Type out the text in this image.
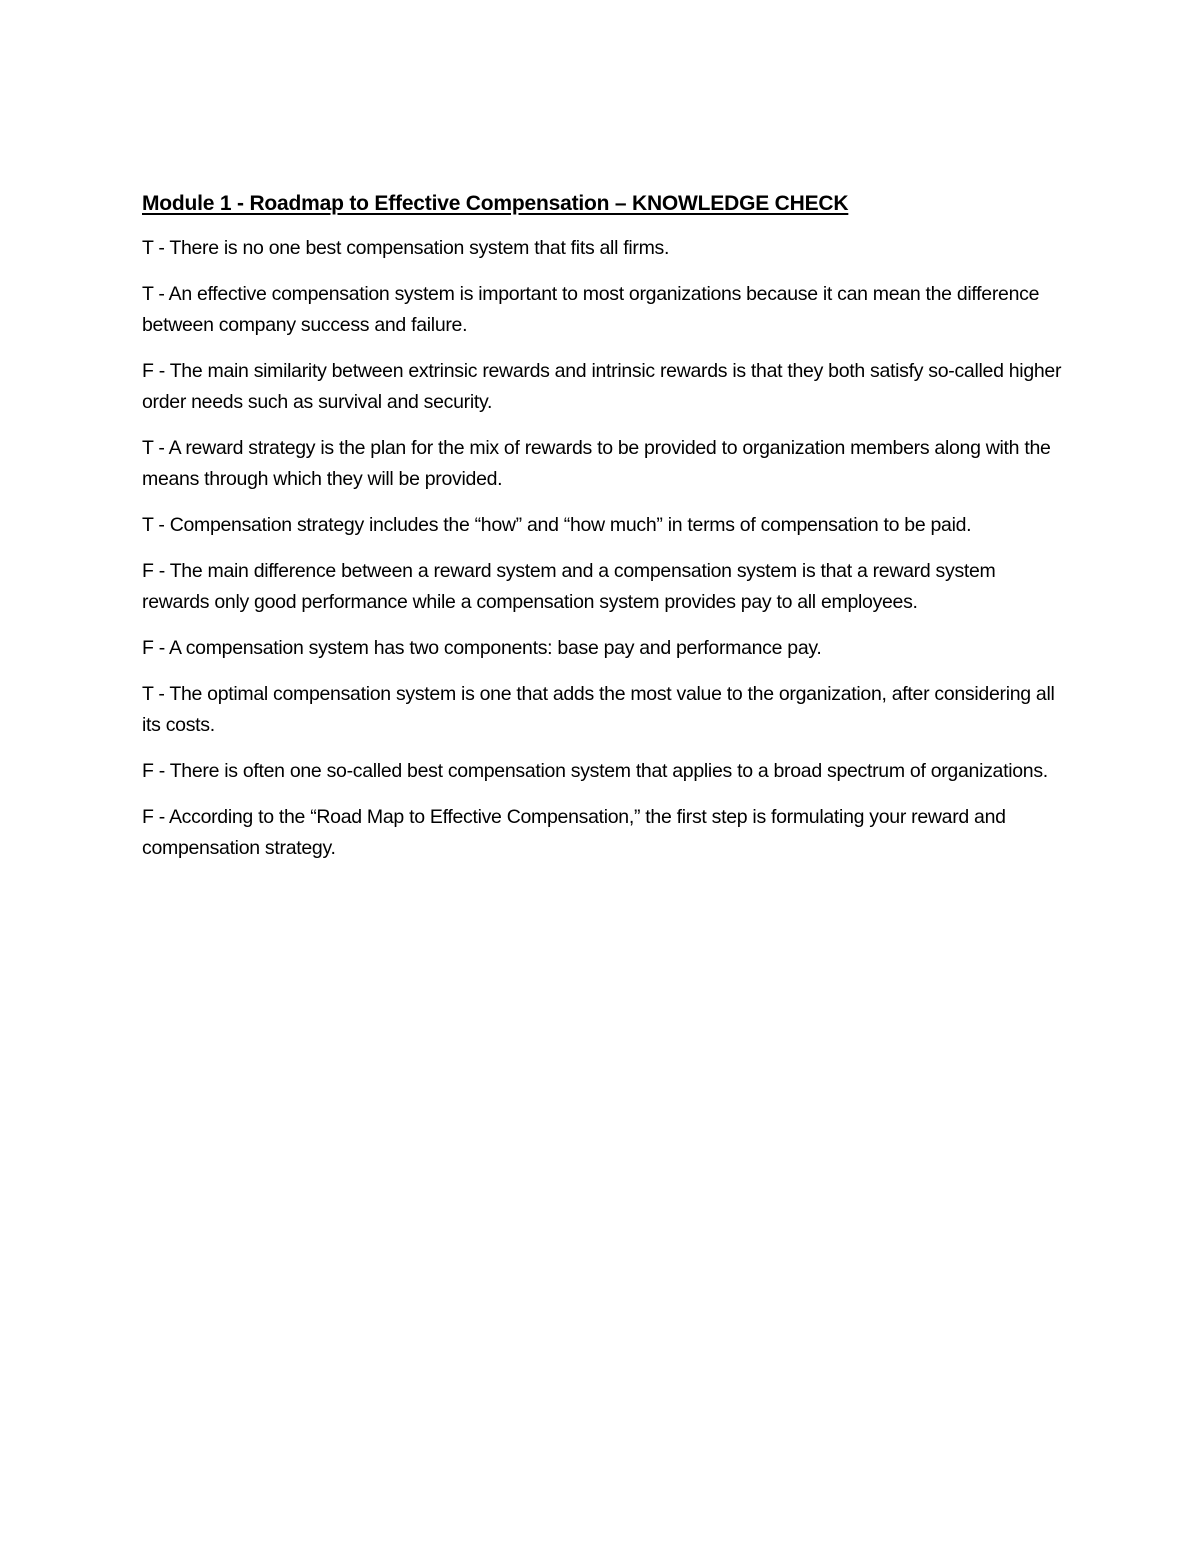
Module 1 - Roadmap to Effective Compensation – KNOWLEDGE CHECK
T - There is no one best compensation system that fits all firms.
T - An effective compensation system is important to most organizations because it can mean the difference between company success and failure.
F - The main similarity between extrinsic rewards and intrinsic rewards is that they both satisfy so-called higher order needs such as survival and security.
T - A reward strategy is the plan for the mix of rewards to be provided to organization members along with the means through which they will be provided.
T - Compensation strategy includes the “how” and “how much” in terms of compensation to be paid.
F - The main difference between a reward system and a compensation system is that a reward system rewards only good performance while a compensation system provides pay to all employees.
F - A compensation system has two components: base pay and performance pay.
T - The optimal compensation system is one that adds the most value to the organization, after considering all its costs.
F - There is often one so-called best compensation system that applies to a broad spectrum of organizations.
F - According to the “Road Map to Effective Compensation,” the first step is formulating your reward and compensation strategy.
